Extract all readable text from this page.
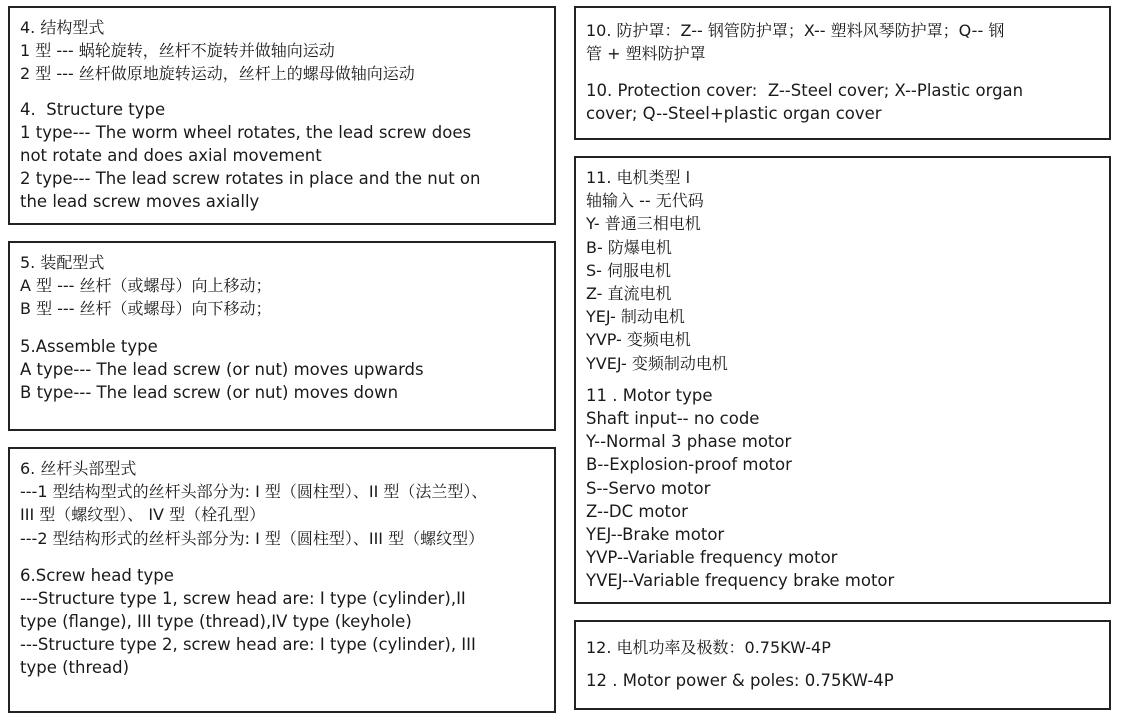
4. 结构型式
1 型 --- 蜗轮旋转，丝杆不旋转并做轴向运动
2 型 --- 丝杆做原地旋转运动，丝杆上的螺母做轴向运动
4.  Structure type
1 type--- The worm wheel rotates, the lead screw does
not rotate and does axial movement
2 type--- The lead screw rotates in place and the nut on
the lead screw moves axially
5. 装配型式
A 型 --- 丝杆（或螺母）向上移动；
B 型 --- 丝杆（或螺母）向下移动；
5.Assemble type
A type--- The lead screw (or nut) moves upwards
B type--- The lead screw (or nut) moves down
6. 丝杆头部型式
---1 型结构型式的丝杆头部分为: I 型（圆柱型）、II 型（法兰型）、
III 型（螺纹型）、 IV 型（栓孔型）
---2 型结构形式的丝杆头部分为: I 型（圆柱型）、III 型（螺纹型）
6.Screw head type
---Structure type 1, screw head are: I type (cylinder),II
type (flange), III type (thread),IV type (keyhole)
---Structure type 2, screw head are: I type (cylinder), III
type (thread)
10. 防护罩：Z-- 钢管防护罩；X-- 塑料风琴防护罩；Q-- 钢
管 + 塑料防护罩
10. Protection cover:  Z--Steel cover; X--Plastic organ
cover; Q--Steel+plastic organ cover
11. 电机类型 l
轴输入 -- 无代码
Y- 普通三相电机
B- 防爆电机
S- 伺服电机
Z- 直流电机
YEJ- 制动电机
YVP- 变频电机
YVEJ- 变频制动电机
11 . Motor type
Shaft input-- no code
Y--Normal 3 phase motor
B--Explosion-proof motor
S--Servo motor
Z--DC motor
YEJ--Brake motor
YVP--Variable frequency motor
YVEJ--Variable frequency brake motor
12. 电机功率及极数：0.75KW-4P
12 . Motor power & poles: 0.75KW-4P
